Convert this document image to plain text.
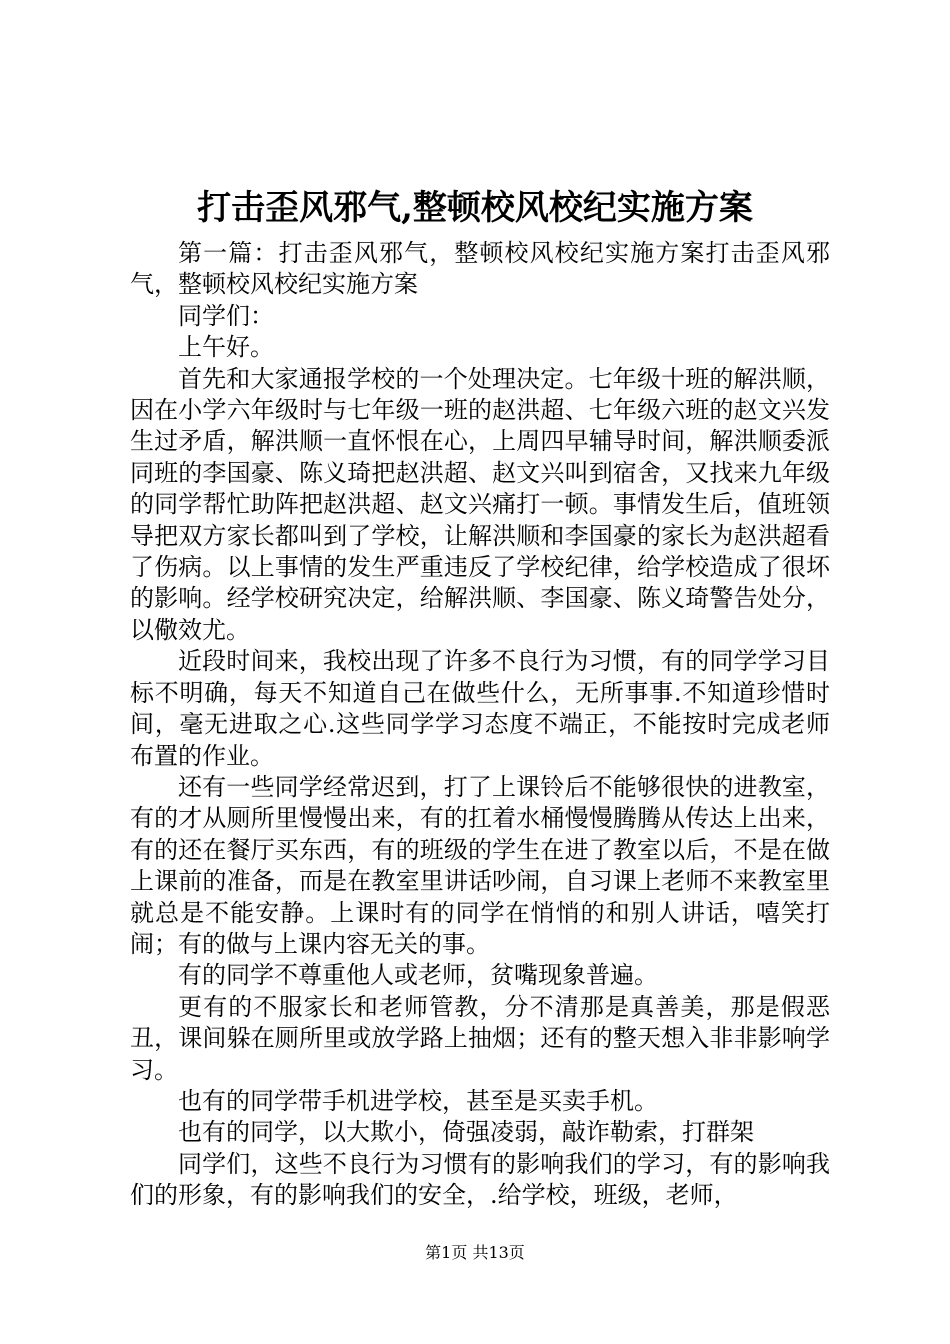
打击歪风邪气,整顿校风校纪实施方案

第一篇：打击歪风邪气，整顿校风校纪实施方案打击歪风邪气，整顿校风校纪实施方案

同学们：

上午好。

首先和大家通报学校的一个处理决定。七年级十班的解洪顺，因在小学六年级时与七年级一班的赵洪超、七年级六班的赵文兴发生过矛盾，解洪顺一直怀恨在心，上周四早辅导时间，解洪顺委派同班的李国豪、陈义琦把赵洪超、赵文兴叫到宿舍，又找来九年级的同学帮忙助阵把赵洪超、赵文兴痛打一顿。事情发生后，值班领导把双方家长都叫到了学校，让解洪顺和李国豪的家长为赵洪超看了伤病。以上事情的发生严重违反了学校纪律，给学校造成了很坏的影响。经学校研究决定，给解洪顺、李国豪、陈义琦警告处分，以儆效尤。

近段时间来，我校出现了许多不良行为习惯，有的同学学习目标不明确，每天不知道自己在做些什么，无所事事.不知道珍惜时间，毫无进取之心.这些同学学习态度不端正，不能按时完成老师布置的作业。

还有一些同学经常迟到，打了上课铃后不能够很快的进教室，有的才从厕所里慢慢出来，有的扛着水桶慢慢腾腾从传达上出来，有的还在餐厅买东西，有的班级的学生在进了教室以后，不是在做上课前的准备，而是在教室里讲话吵闹，自习课上老师不来教室里就总是不能安静。上课时有的同学在悄悄的和别人讲话，嘻笑打闹；有的做与上课内容无关的事。

有的同学不尊重他人或老师，贫嘴现象普遍。

更有的不服家长和老师管教，分不清那是真善美，那是假恶丑，课间躲在厕所里或放学路上抽烟；还有的整天想入非非影响学习。

也有的同学带手机进学校，甚至是买卖手机。

也有的同学，以大欺小，倚强凌弱，敲诈勒索，打群架

同学们，这些不良行为习惯有的影响我们的学习，有的影响我们的形象，有的影响我们的安全，.给学校，班级，老师，

第1页 共13页
